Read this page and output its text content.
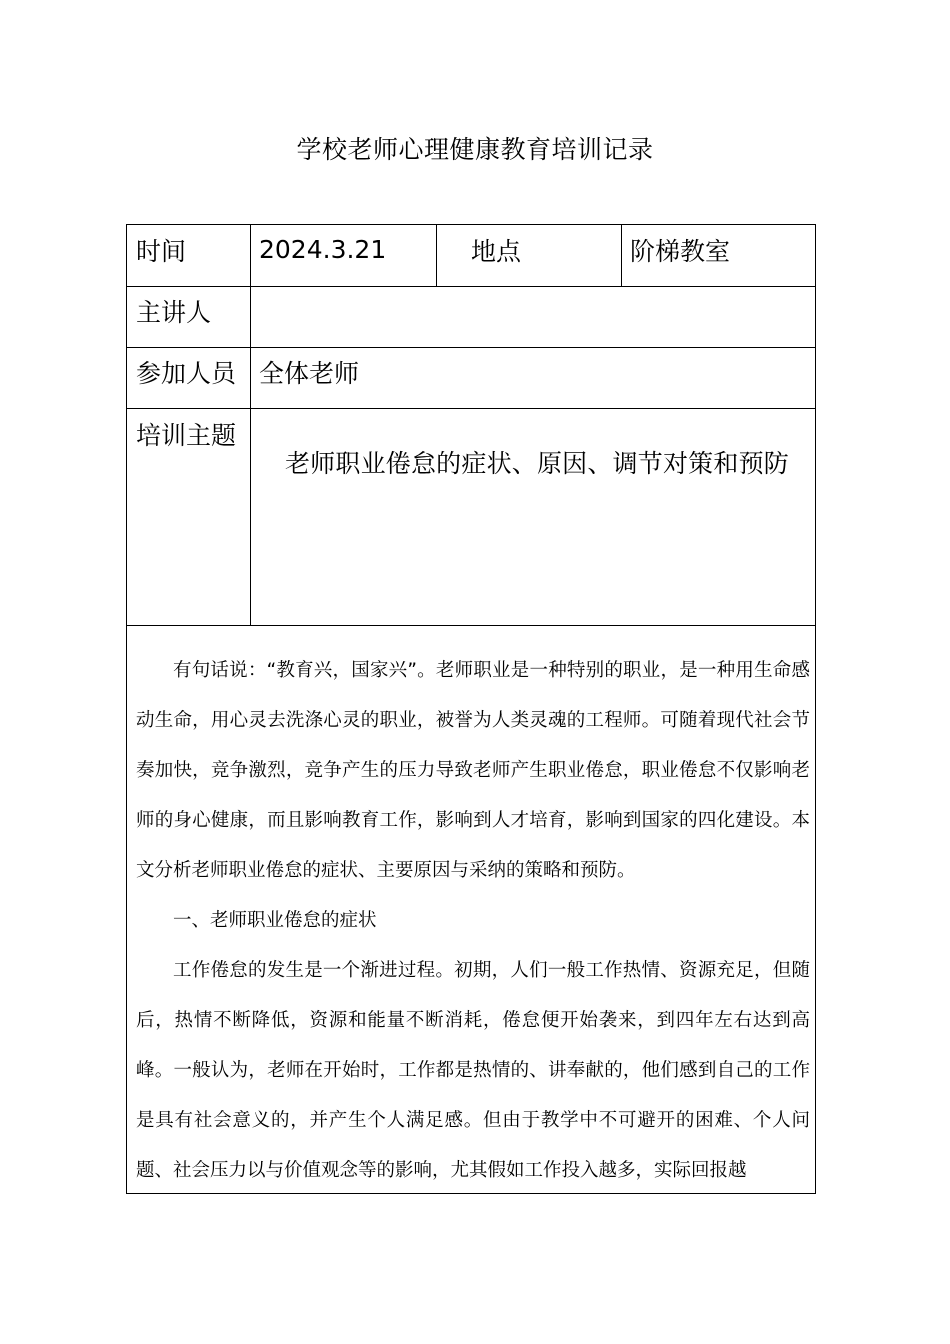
学校老师心理健康教育培训记录
时间	2024.3.21	地点	阶梯教室
主讲人
参加人员 全体老师
培训主题
老师职业倦怠的症状、原因、调节对策和预防

有句话说：“教育兴，国家兴”。老师职业是一种特别的职业，是一种用生命感动生命，用心灵去洗涤心灵的职业，被誉为人类灵魂的工程师。可随着现代社会节奏加快，竞争激烈，竞争产生的压力导致老师产生职业倦怠，职业倦怠不仅影响老师的身心健康，而且影响教育工作，影响到人才培育，影响到国家的四化建设。本文分析老师职业倦怠的症状、主要原因与采纳的策略和预防。

一、老师职业倦怠的症状

工作倦怠的发生是一个渐进过程。初期，人们一般工作热情、资源充足，但随后，热情不断降低，资源和能量不断消耗，倦怠便开始袭来，到四年左右达到高峰。一般认为，老师在开始时，工作都是热情的、讲奉献的，他们感到自己的工作是具有社会意义的，并产生个人满足感。但由于教学中不可避开的困难、个人问题、社会压力以与价值观念等的影响，尤其假如工作投入越多，实际回报越
